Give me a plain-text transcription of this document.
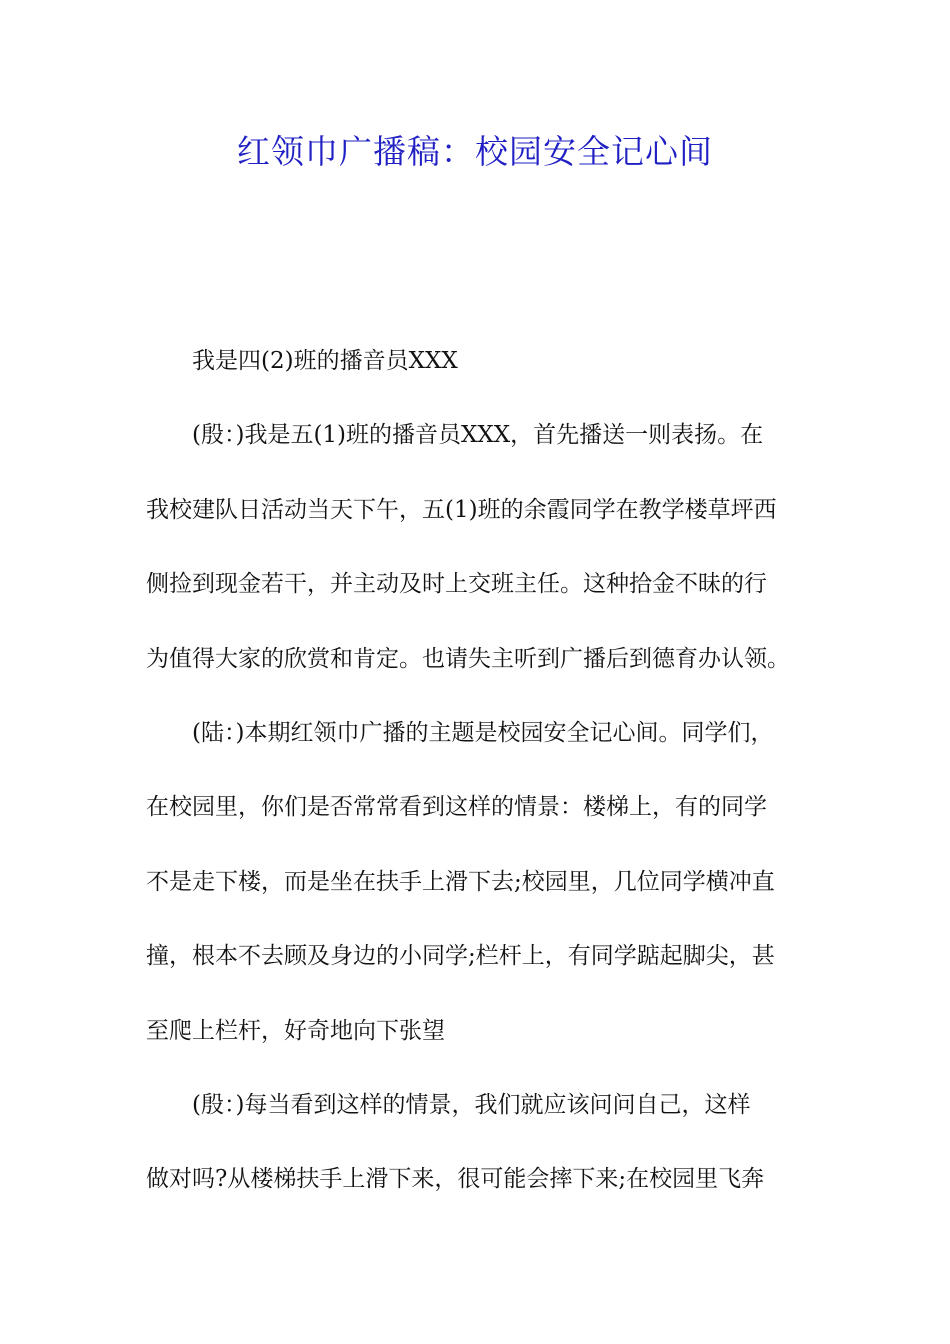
红领巾广播稿：校园安全记心间
我是四(2)班的播音员XXX
(殷：)我是五(1)班的播音员XXX，首先播送一则表扬。在
我校建队日活动当天下午，五(1)班的余霞同学在教学楼草坪西
侧捡到现金若干，并主动及时上交班主任。这种拾金不昧的行
为值得大家的欣赏和肯定。也请失主听到广播后到德育办认领。
(陆：)本期红领巾广播的主题是校园安全记心间。同学们，
在校园里，你们是否常常看到这样的情景：楼梯上，有的同学
不是走下楼，而是坐在扶手上滑下去;校园里，几位同学横冲直
撞，根本不去顾及身边的小同学;栏杆上，有同学踮起脚尖，甚
至爬上栏杆，好奇地向下张望
(殷：)每当看到这样的情景，我们就应该问问自己，这样
做对吗?从楼梯扶手上滑下来，很可能会摔下来;在校园里飞奔
